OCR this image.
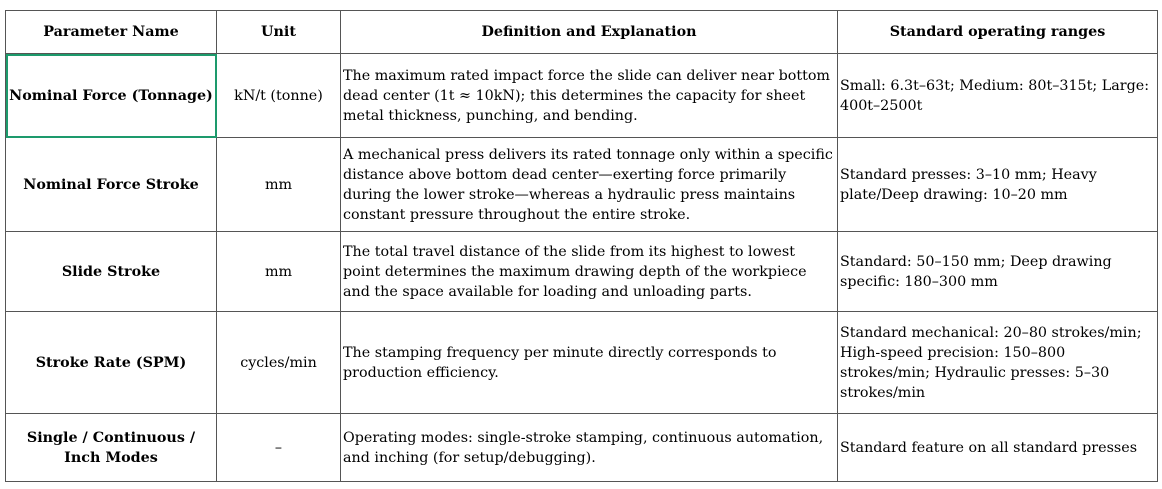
Parameter Name	Unit	Definition and Explanation	Standard operating ranges
Nominal Force (Tonnage)	kN/t (tonne)	The maximum rated impact force the slide can deliver near bottom dead center (1t ≈ 10kN); this determines the capacity for sheet metal thickness, punching, and bending.	Small: 6.3t–63t; Medium: 80t–315t; Large: 400t–2500t
Nominal Force Stroke	mm	A mechanical press delivers its rated tonnage only within a specific distance above bottom dead center—exerting force primarily during the lower stroke—whereas a hydraulic press maintains constant pressure throughout the entire stroke.	Standard presses: 3–10 mm; Heavy plate/Deep drawing: 10–20 mm
Slide Stroke	mm	The total travel distance of the slide from its highest to lowest point determines the maximum drawing depth of the workpiece and the space available for loading and unloading parts.	Standard: 50–150 mm; Deep drawing specific: 180–300 mm
Stroke Rate (SPM)	cycles/min	The stamping frequency per minute directly corresponds to production efficiency.	Standard mechanical: 20–80 strokes/min; High-speed precision: 150–800 strokes/min; Hydraulic presses: 5–30 strokes/min
Single / Continuous / Inch Modes	–	Operating modes: single-stroke stamping, continuous automation, and inching (for setup/debugging).	Standard feature on all standard presses
